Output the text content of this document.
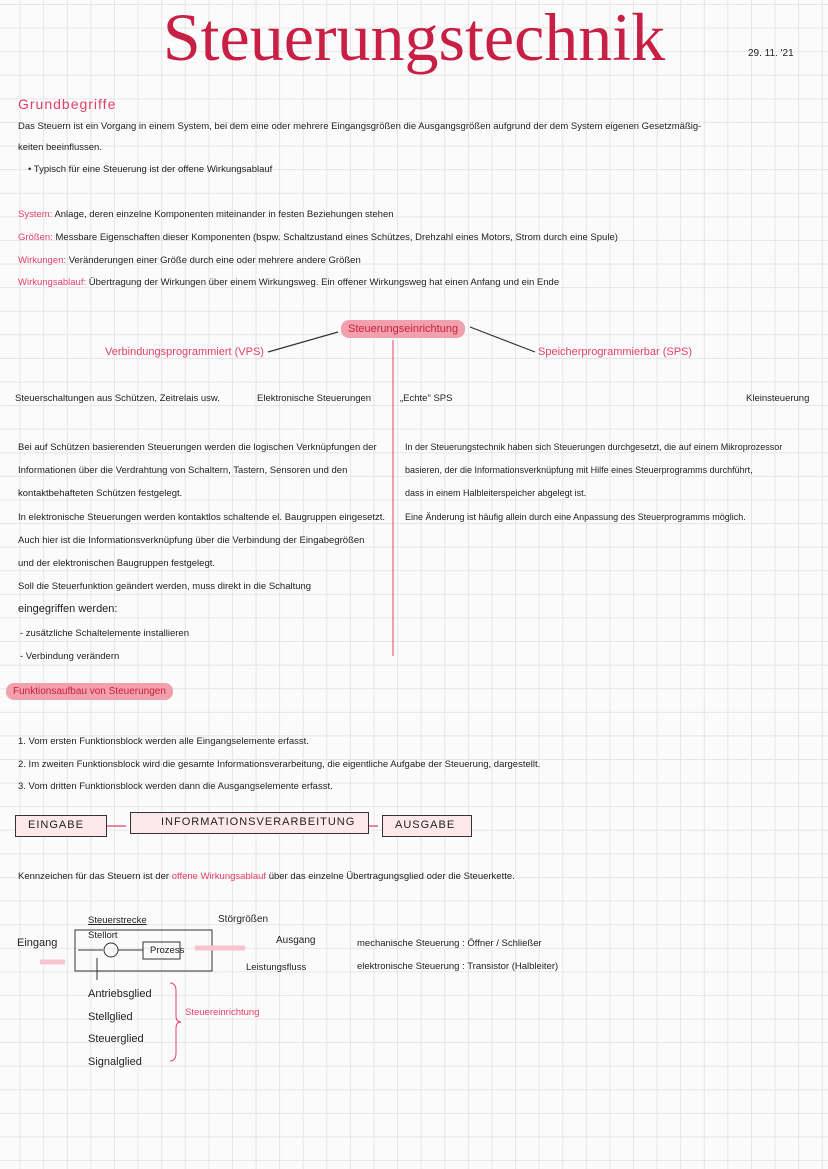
Steuerungstechnik	29. 11. '21
Grundbegriffe
Das Steuern ist ein Vorgang in einem System, bei dem eine oder mehrere Eingangsgrößen die Ausgangsgrößen aufgrund der dem System eigenen Gesetzmäßig-
keiten beeinflussen.
• Typisch für eine Steuerung ist der offene Wirkungsablauf
System: Anlage, deren einzelne Komponenten miteinander in festen Beziehungen stehen
Größen: Messbare Eigenschaften dieser Komponenten (bspw. Schaltzustand eines Schützes, Drehzahl eines Motors, Strom durch eine Spule)
Wirkungen: Veränderungen einer Größe durch eine oder mehrere andere Größen
Wirkungsablauf: Übertragung der Wirkungen über einem Wirkungsweg. Ein offener Wirkungsweg hat einen Anfang und ein Ende
Steuerungseinrichtung
Verbindungsprogrammiert (VPS)	Speicherprogrammierbar (SPS)
Steuerschaltungen aus Schützen, Zeitrelais usw.	Elektronische Steuerungen	„Echte" SPS	Kleinsteuerung
Bei auf Schützen basierenden Steuerungen werden die logischen Verknüpfungen der
Informationen über die Verdrahtung von Schaltern, Tastern, Sensoren und den
kontaktbehafteten Schützen festgelegt.
In elektronische Steuerungen werden kontaktlos schaltende el. Baugruppen eingesetzt.
Auch hier ist die Informationsverknüpfung über die Verbindung der Eingabegrößen
und der elektronischen Baugruppen festgelegt.
Soll die Steuerfunktion geändert werden, muss direkt in die Schaltung
eingegriffen werden:
- zusätzliche Schaltelemente installieren
- Verbindung verändern
In der Steuerungstechnik haben sich Steuerungen durchgesetzt, die auf einem Mikroprozessor
basieren, der die Informationsverknüpfung mit Hilfe eines Steuerprogramms durchführt,
dass in einem Halbleiterspeicher abgelegt ist.
Eine Änderung ist häufig allein durch eine Anpassung des Steuerprogramms möglich.
Funktionsaufbau von Steuerungen
1. Vom ersten Funktionsblock werden alle Eingangselemente erfasst.
2. Im zweiten Funktionsblock wird die gesamte Informationsverarbeitung, die eigentliche Aufgabe der Steuerung, dargestellt.
3. Vom dritten Funktionsblock werden dann die Ausgangselemente erfasst.
EINGABE	INFORMATIONSVERARBEITUNG	AUSGABE
Kennzeichen für das Steuern ist der offene Wirkungsablauf über das einzelne Übertragungsglied oder die Steuerkette.
Steuerstrecke
Stellort
Prozess
Störgrößen
Ausgang
Leistungsfluss
Eingang
Antriebsglied
Stellglied
Steuerglied
Signalglied
Steuereinrichtung
mechanische Steuerung : Öffner / Schließer
elektronische Steuerung : Transistor (Halbleiter)
